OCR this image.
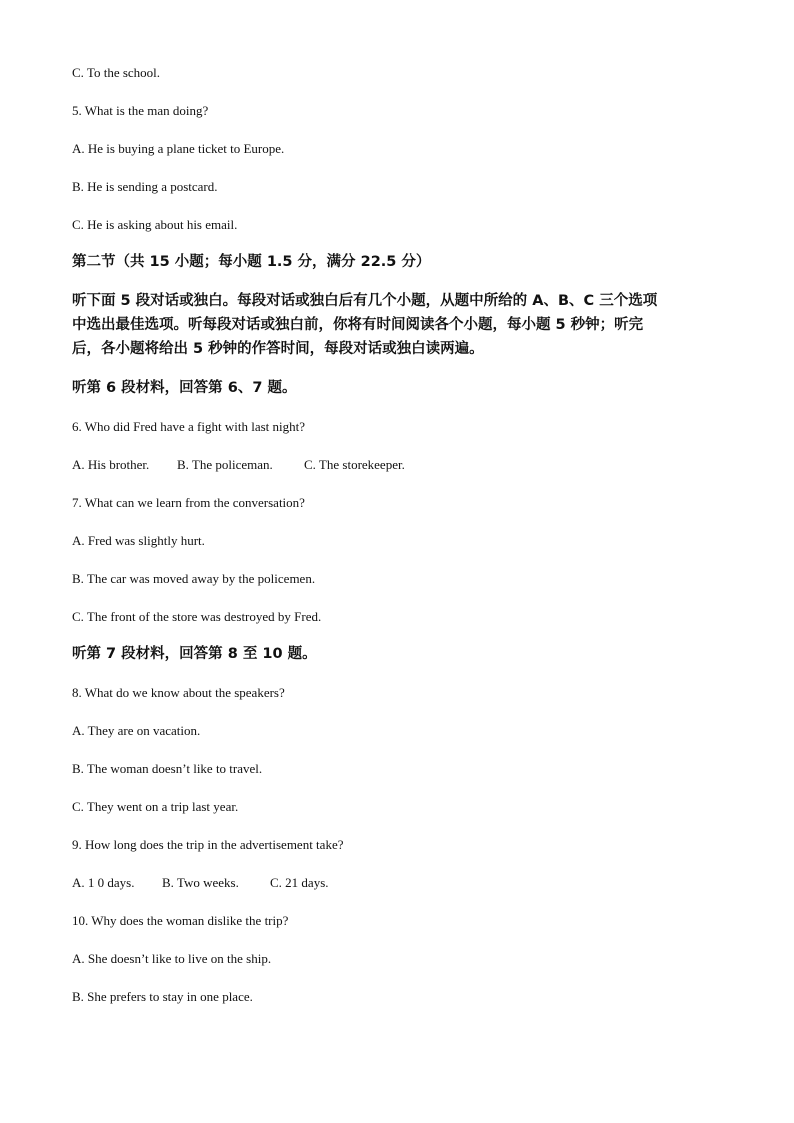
C. To the school.
5. What is the man doing?
A. He is buying a plane ticket to Europe.
B. He is sending a postcard.
C. He is asking about his email.
第二节（共 15 小题；每小题 1.5 分，满分 22.5 分）
听下面 5 段对话或独白。每段对话或独白后有几个小题，从题中所给的 A、B、C 三个选项
中选出最佳选项。听每段对话或独白前，你将有时间阅读各个小题，每小题 5 秒钟；听完
后，各小题将给出 5 秒钟的作答时间，每段对话或独白读两遍。
听第 6 段材料，回答第 6、7 题。
6. Who did Fred have a fight with last night?
A. His brother. B. The policeman. C. The storekeeper.
7. What can we learn from the conversation?
A. Fred was slightly hurt.
B. The car was moved away by the policemen.
C. The front of the store was destroyed by Fred.
听第 7 段材料，回答第 8 至 10 题。
8. What do we know about the speakers?
A. They are on vacation.
B. The woman doesn’t like to travel.
C. They went on a trip last year.
9. How long does the trip in the advertisement take?
A. 1 0 days. B. Two weeks. C. 21 days.
10. Why does the woman dislike the trip?
A. She doesn’t like to live on the ship.
B. She prefers to stay in one place.
